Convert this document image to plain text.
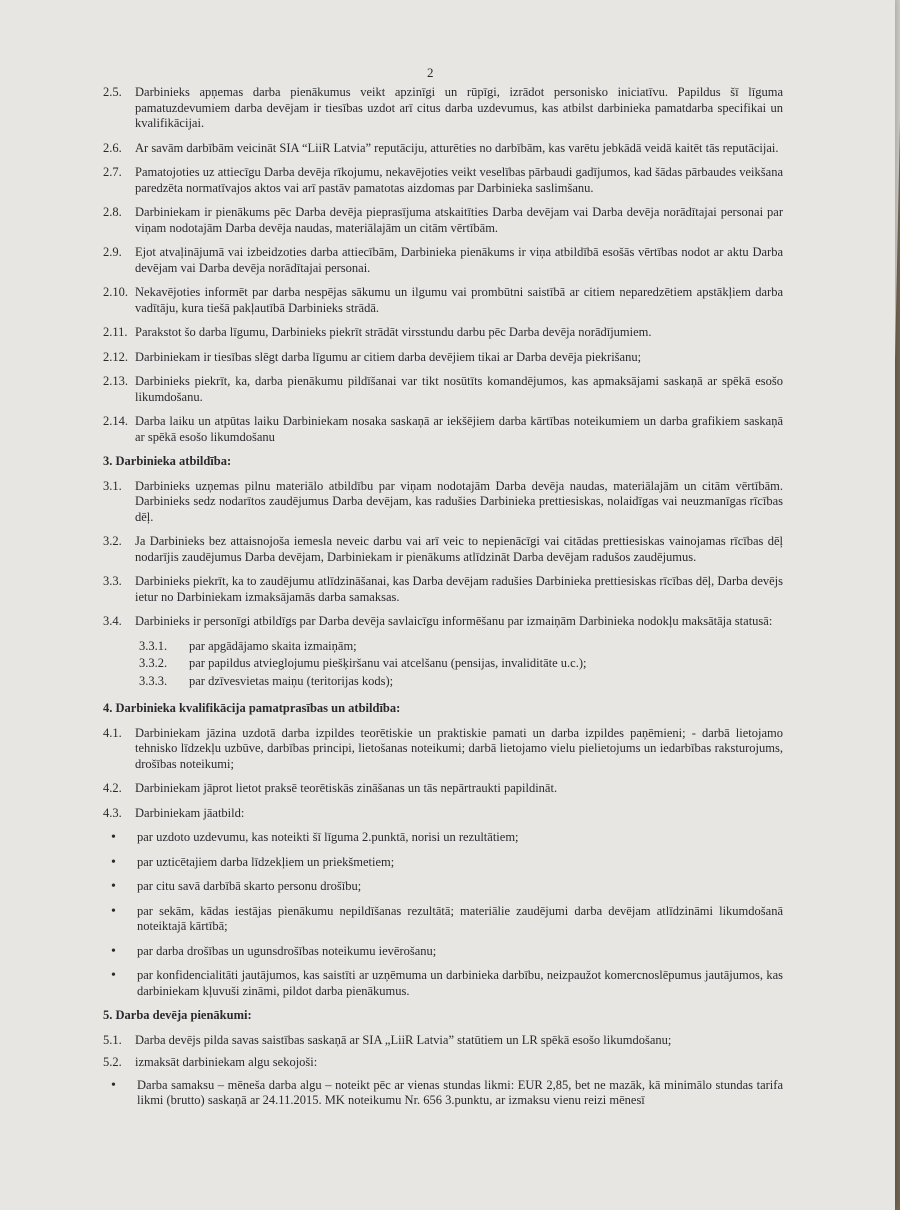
2
2.5.	Darbinieks apņemas darba pienākumus veikt apzinīgi un rūpīgi, izrādot personisko iniciatīvu. Papildus šī līguma pamatuzdevumiem darba devējam ir tiesības uzdot arī citus darba uzdevumus, kas atbilst darbinieka pamatdarba specifikai un kvalifikācijai.
2.6.	Ar savām darbībām veicināt SIA “LiiR Latvia” reputāciju, atturēties no darbībām, kas varētu jebkādā veidā kaitēt tās reputācijai.
2.7.	Pamatojoties uz attiecīgu Darba devēja rīkojumu, nekavējoties veikt veselības pārbaudi gadījumos, kad šādas pārbaudes veikšana paredzēta normatīvajos aktos vai arī pastāv pamatotas aizdomas par Darbinieka saslimšanu.
2.8.	Darbiniekam ir pienākums pēc Darba devēja pieprasījuma atskaitīties Darba devējam vai Darba devēja norādītajai personai par viņam nodotajām Darba devēja naudas, materiālajām un citām vērtībām.
2.9.	Ejot atvaļinājumā vai izbeidzoties darba attiecībām, Darbinieka pienākums ir viņa atbildībā esošās vērtības nodot ar aktu Darba devējam vai Darba devēja norādītajai personai.
2.10. Nekavējoties informēt par darba nespējas sākumu un ilgumu vai prombūtni saistībā ar citiem neparedzētiem apstākļiem darba vadītāju, kura tiešā pakļautībā Darbinieks strādā.
2.11. Parakstot šo darba līgumu, Darbinieks piekrīt strādāt virsstundu darbu pēc Darba devēja norādījumiem.
2.12. Darbiniekam ir tiesības slēgt darba līgumu ar citiem darba devējiem tikai ar Darba devēja piekrišanu;
2.13. Darbinieks piekrīt, ka, darba pienākumu pildīšanai var tikt nosūtīts komandējumos, kas apmaksājami saskaņā ar spēkā esošo likumdošanu.
2.14. Darba laiku un atpūtas laiku Darbiniekam nosaka saskaņā ar iekšējiem darba kārtības noteikumiem un darba grafikiem saskaņā ar spēkā esošo likumdošanu
3. Darbinieka atbildība:
3.1.	Darbinieks uzņemas pilnu materiālo atbildību par viņam nodotajām Darba devēja naudas, materiālajām un citām vērtībām. Darbinieks sedz nodarītos zaudējumus Darba devējam, kas radušies Darbinieka prettiesiskas, nolaidīgas vai neuzmanīgas rīcības dēļ.
3.2.	Ja Darbinieks bez attaisnojoša iemesla neveic darbu vai arī veic to nepienācīgi vai citādas prettiesiskas vainojamas rīcības dēļ nodarījis zaudējumus Darba devējam, Darbiniekam ir pienākums atlīdzināt Darba devējam radušos zaudējumus.
3.3.	Darbinieks piekrīt, ka to zaudējumu atlīdzināšanai, kas Darba devējam radušies Darbinieka prettiesiskas rīcības dēļ, Darba devējs ietur no Darbiniekam izmaksājamās darba samaksas.
3.4.	Darbinieks ir personīgi atbildīgs par Darba devēja savlaicīgu informēšanu par izmaiņām Darbinieka nodokļu maksātāja statusā:
3.3.1.	par apgādājamo skaita izmaiņām;
3.3.2.	par papildus atvieglojumu piešķiršanu vai atcelšanu (pensijas, invaliditāte u.c.);
3.3.3.	par dzīvesvietas maiņu (teritorijas kods);
4. Darbinieka kvalifikācija pamatprasības un atbildība:
4.1.	Darbiniekam jāzina uzdotā darba izpildes teorētiskie un praktiskie pamati un darba izpildes paņēmieni; - darbā lietojamo tehnisko līdzekļu uzbūve, darbības principi, lietošanas noteikumi; darbā lietojamo vielu pielietojums un iedarbības raksturojums, drošības noteikumi;
4.2.	Darbiniekam jāprot lietot praksē teorētiskās zināšanas un tās nepārtraukti papildināt.
4.3.	Darbiniekam jāatbild:
•	par uzdoto uzdevumu, kas noteikti šī līguma 2.punktā, norisi un rezultātiem;
•	par uzticētajiem darba līdzekļiem un priekšmetiem;
•	par citu savā darbībā skarto personu drošību;
•	par sekām, kādas iestājas pienākumu nepildīšanas rezultātā; materiālie zaudējumi darba devējam atlīdzināmi likumdošanā noteiktajā kārtībā;
•	par darba drošības un ugunsdrošības noteikumu ievērošanu;
•	par konfidencialitāti jautājumos, kas saistīti ar uzņēmuma un darbinieka darbību, neizpaužot komercnoslēpumus jautājumos, kas darbiniekam kļuvuši zināmi, pildot darba pienākumus.
5. Darba devēja pienākumi:
5.1.	Darba devējs pilda savas saistības saskaņā ar SIA „LiiR Latvia” statūtiem un LR spēkā esošo likumdošanu;
5.2.	izmaksāt darbiniekam algu sekojoši:
•	Darba samaksu – mēneša darba algu – noteikt pēc ar vienas stundas likmi: EUR 2,85, bet ne mazāk, kā minimālo stundas tarifa likmi (brutto) saskaņā ar 24.11.2015. MK noteikumu Nr. 656 3.punktu, ar izmaksu vienu reizi mēnesī
